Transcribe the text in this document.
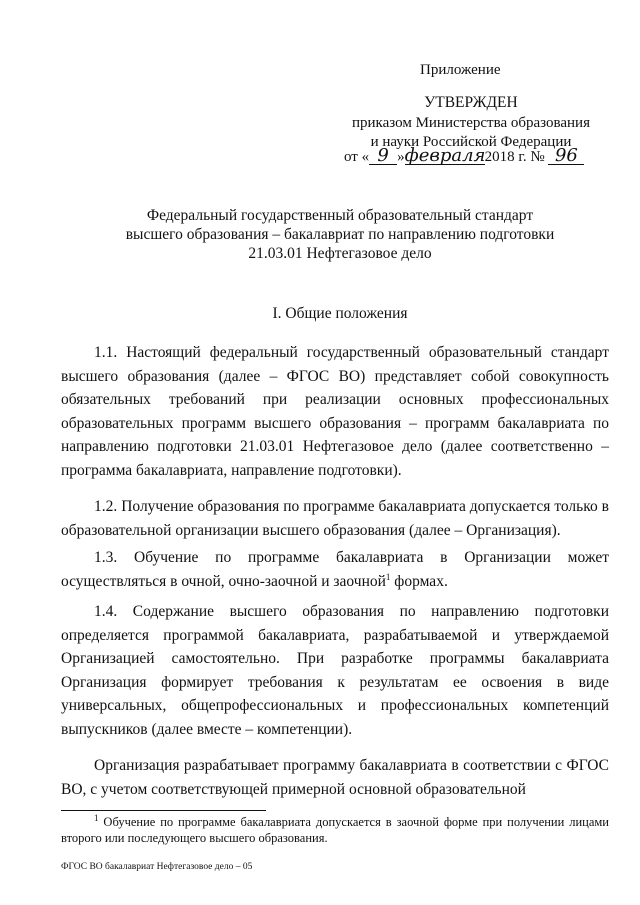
Приложение
УТВЕРЖДЕН
приказом Министерства образования
и науки Российской Федерации
от « 9 »февраля2018 г. № 96
Федеральный государственный образовательный стандарт
высшего образования – бакалавриат по направлению подготовки
21.03.01 Нефтегазовое дело
I. Общие положения

1.1. Настоящий федеральный государственный образовательный стандарт высшего образования (далее – ФГОС ВО) представляет собой совокупность обязательных требований при реализации основных профессиональных образовательных программ высшего образования – программ бакалавриата по направлению подготовки 21.03.01 Нефтегазовое дело (далее соответственно – программа бакалавриата, направление подготовки).

1.2. Получение образования по программе бакалавриата допускается только в образовательной организации высшего образования (далее – Организация).

1.3. Обучение по программе бакалавриата в Организации может осуществляться в очной, очно-заочной и заочной$^1$ формах.

1.4. Содержание высшего образования по направлению подготовки определяется программой бакалавриата, разрабатываемой и утверждаемой Организацией самостоятельно. При разработке программы бакалавриата Организация формирует требования к результатам ее освоения в виде универсальных, общепрофессиональных и профессиональных компетенций выпускников (далее вместе – компетенции).

Организация разрабатывает программу бакалавриата в соответствии с ФГОС ВО, с учетом соответствующей примерной основной образовательной

$^1$ Обучение по программе бакалавриата допускается в заочной форме при получении лицами второго или последующего высшего образования.

ФГОС ВО бакалавриат Нефтегазовое дело – 05
